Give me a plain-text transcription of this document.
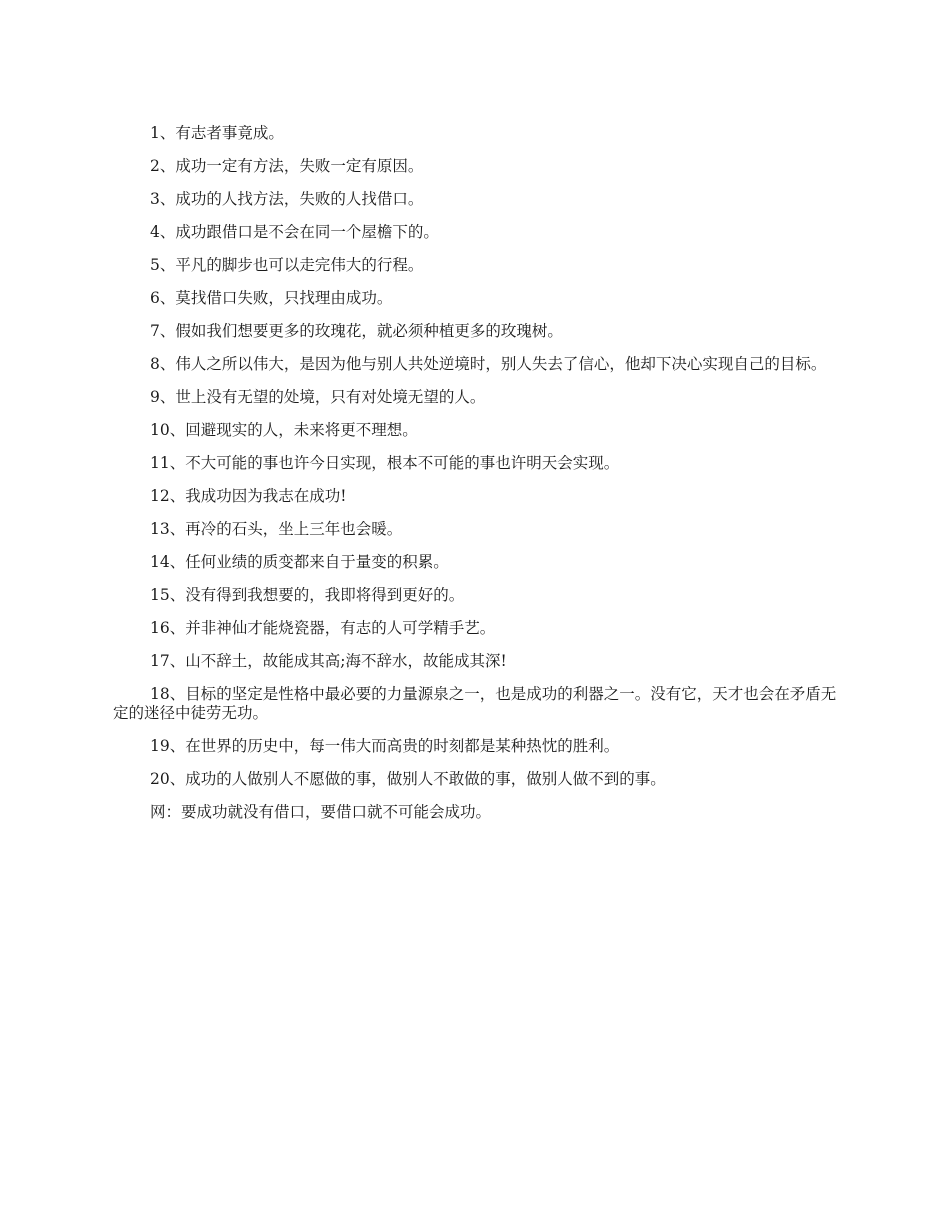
1、有志者事竟成。

2、成功一定有方法，失败一定有原因。

3、成功的人找方法，失败的人找借口。

4、成功跟借口是不会在同一个屋檐下的。

5、平凡的脚步也可以走完伟大的行程。

6、莫找借口失败，只找理由成功。

7、假如我们想要更多的玫瑰花，就必须种植更多的玫瑰树。

8、伟人之所以伟大，是因为他与别人共处逆境时，别人失去了信心，他却下决心实现自己的目标。

9、世上没有无望的处境，只有对处境无望的人。

10、回避现实的人，未来将更不理想。

11、不大可能的事也许今日实现，根本不可能的事也许明天会实现。

12、我成功因为我志在成功!

13、再冷的石头，坐上三年也会暖。

14、任何业绩的质变都来自于量变的积累。

15、没有得到我想要的，我即将得到更好的。

16、并非神仙才能烧瓷器，有志的人可学精手艺。

17、山不辞土，故能成其高;海不辞水，故能成其深!

18、目标的坚定是性格中最必要的力量源泉之一，也是成功的利器之一。没有它，天才也会在矛盾无定的迷径中徒劳无功。

19、在世界的历史中，每一伟大而高贵的时刻都是某种热忱的胜利。

20、成功的人做别人不愿做的事，做别人不敢做的事，做别人做不到的事。

网：要成功就没有借口，要借口就不可能会成功。
